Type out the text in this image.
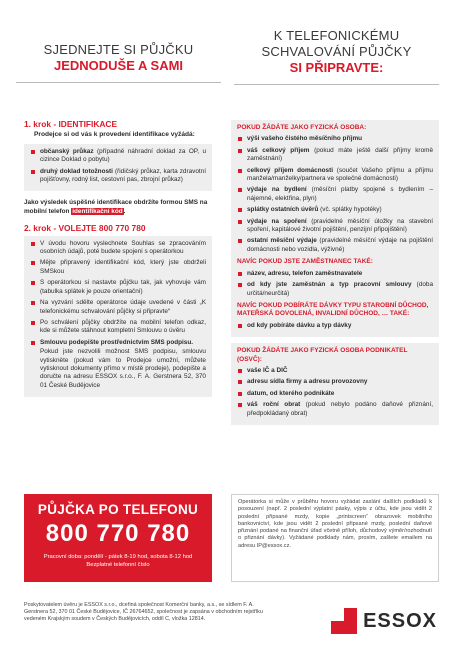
SJEDNEJTE SI PŮJČKU
JEDNODUŠE A SAMI
K TELEFONICKÉMU
SCHVALOVÁNÍ PŮJČKY
SI PŘIPRAVTE:
1. krok - IDENTIFIKACE
Prodejce si od vás k provedení identifikace vyžádá:
občanský průkaz (případně náhradní doklad za OP, u cizince Doklad o pobytu)
druhý doklad totožnosti (řidičský průkaz, karta zdravotní pojišťovny, rodný list, cestovní pas, zbrojní průkaz)
Jako výsledek úspěšné identifikace obdržíte formou SMS na mobilní telefon identifikační kód.
2. krok - VOLEJTE 800 770 780
V úvodu hovoru vyslechnete Souhlas se zpracováním osobních údajů, poté budete spojeni s operátorkou
Mějte připravený identifikační kód, který jste obdrželi SMSkou
S operátorkou si nastavte půjčku tak, jak vyhovuje vám (tabulka splátek je pouze orientační)
Na vyzvání sdělte operátorce údaje uvedené v části „K telefonickému schvalování půjčky si připravte“
Po schválení půjčky obdržíte na mobilní telefon odkaz, kde si můžete stáhnout kompletní Smlouvu o úvěru
Smlouvu podepište prostřednictvím SMS podpisu.
Pokud jste nezvolili možnost SMS podpisu, smlouvu vytiskněte (pokud vám to Prodejce umožní, můžete vytisknout dokumenty přímo v místě prodeje), podepište a doručte na adresu ESSOX s.r.o., F. A. Gerstnera 52, 370 01 České Budějovice
PŮJČKA PO TELEFONU
800 770 780
Pracovní doba: pondělí - pátek 8-19 hod, sobota 8-12 hod
Bezplatné telefonní číslo
POKUD ŽÁDÁTE JAKO FYZICKÁ OSOBA:
výši vašeho čistého měsíčního příjmu
váš celkový příjem (pokud máte ještě další příjmy kromě zaměstnání)
celkový příjem domácnosti (součet Vašeho příjmu a příjmu manžela/manželky/partnera ve společné domácnosti)
výdaje na bydlení (měsíční platby spojené s bydlením – nájemné, elektřina, plyn)
splátky ostatních úvěrů (vč. splátky hypotéky)
výdaje na spoření (pravidelné měsíční úložky na stavební spoření, kapitálové životní pojištění, penzijní připojištění)
ostatní měsíční výdaje (pravidelné měsíční výdaje na pojištění domácnosti nebo vozidla, výživné)
NAVÍC POKUD JSTE ZAMĚSTNANEC TAKÉ:
název, adresu, telefon zaměstnavatele
od kdy jste zaměstnán a typ pracovní smlouvy (doba určitá/neurčitá)
NAVÍC POKUD POBÍRÁTE DÁVKY TYPU STAROBNÍ DŮCHOD, MATEŘSKÁ DOVOLENÁ, INVALIDNÍ DŮCHOD, … TAKÉ:
od kdy pobíráte dávku a typ dávky
POKUD ŽÁDÁTE JAKO FYZICKÁ OSOBA PODNIKATEL (OSVČ):
vaše IČ a DIČ
adresu sídla firmy a adresu provozovny
datum, od kterého podnikáte
váš roční obrat (pokud nebylo podáno daňové přiznání, předpokládaný obrat)
Operátorka si může v průběhu hovoru vyžádat zaslání dalších podkladů k posouzení (např. 2 poslední výplatní pásky, výpis z účtu, kde jsou vidět 2 poslední připsané mzdy, kopie „printscreen“ obrazovek mobilního bankovnictví, kde jsou vidět 2 poslední připsané mzdy, poslední daňové přiznání podané na finanční úřad včetně příloh, důchodový výměr/rozhodnutí o přiznání dávky). Vyžádané podklady nám, prosím, zašlete emailem na adresu IP@essox.cz.
Poskytovatelem úvěru je ESSOX s.r.o., dceřiná společnost Komerční banky, a.s., se sídlem F. A. Gerstnera 52, 370 01 České Budějovice, IČ 26764652, společnost je zapsána v obchodním rejstříku vedeném Krajským soudem v Českých Budějovicích, oddíl C, vložka 12814.	ESSOX
